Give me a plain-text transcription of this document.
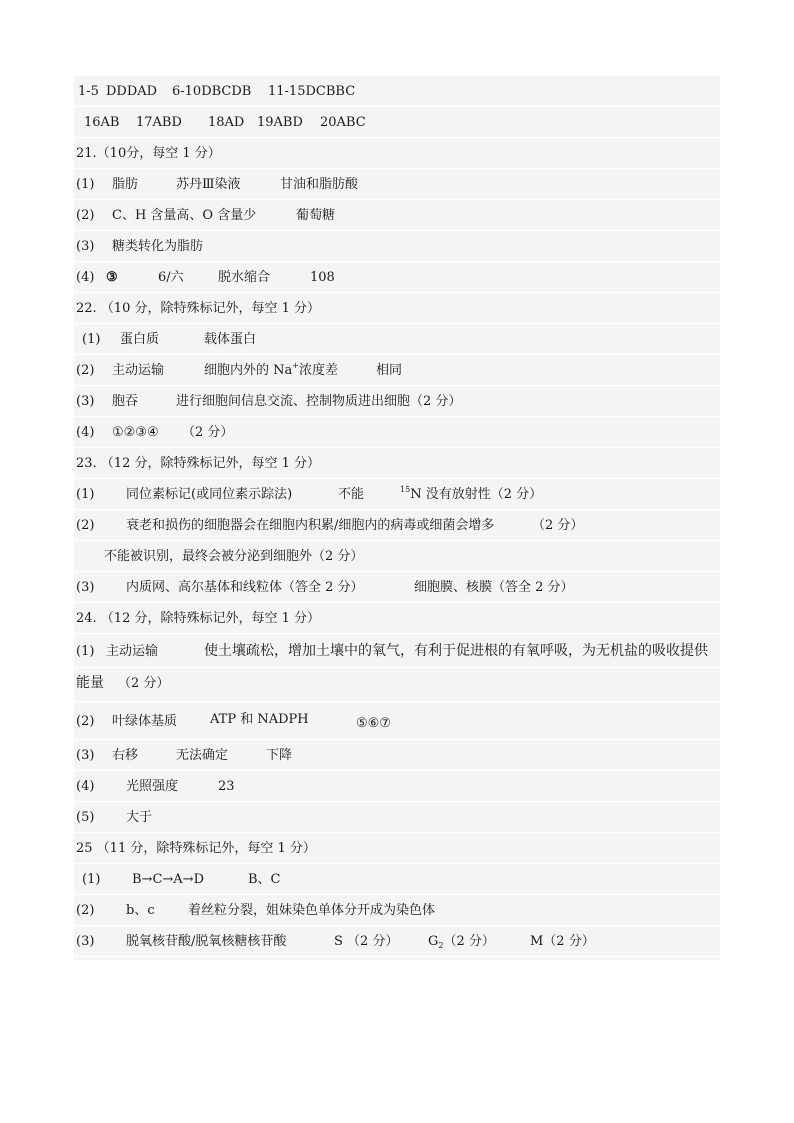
1-5 DDDAD 6-10DBCDB 11-15DCBBC
16AB 17ABD 18AD 19ABD 20ABC
21.（10分，每空 1 分）
(1) 脂肪	苏丹Ⅲ染液	甘油和脂肪酸
(2) C、H 含量高、O 含量少	葡萄糖
(3) 糖类转化为脂肪
(4) ③	6/六	脱水缩合	108
22. （10 分，除特殊标记外，每空 1 分）
(1) 蛋白质	载体蛋白
(2) 主动运输	细胞内外的 Na+浓度差	相同
(3) 胞吞	进行细胞间信息交流、控制物质进出细胞（2 分）
(4) ①②③④ （2 分）
23. （12 分，除特殊标记外，每空 1 分）
(1) 同位素标记(或同位素示踪法)	不能	$^{15}$N 没有放射性（2 分）
(2) 衰老和损伤的细胞器会在细胞内积累/细胞内的病毒或细菌会增多	（2 分）
不能被识别，最终会被分泌到细胞外（2 分）
(3) 内质网、高尔基体和线粒体（答全 2 分）	细胞膜、核膜（答全 2 分）
24. （12 分，除特殊标记外，每空 1 分）
(1) 主动运输	使土壤疏松，增加土壤中的氧气，有利于促进根的有氧呼吸，为无机盐的吸收提供
能量 （2 分）
(2) 叶绿体基质	ATP 和 NADPH	⑤⑥⑦
(3) 右移	无法确定	下降
(4) 光照强度	23
(5) 大于
25 （11 分，除特殊标记外，每空 1 分）
(1) B→C→A→D	B、C
(2) b、c	着丝粒分裂，姐妹染色单体分开成为染色体
(3) 脱氧核苷酸/脱氧核糖核苷酸	S （2 分） $G_2(2$ 分）	M（2 分）
